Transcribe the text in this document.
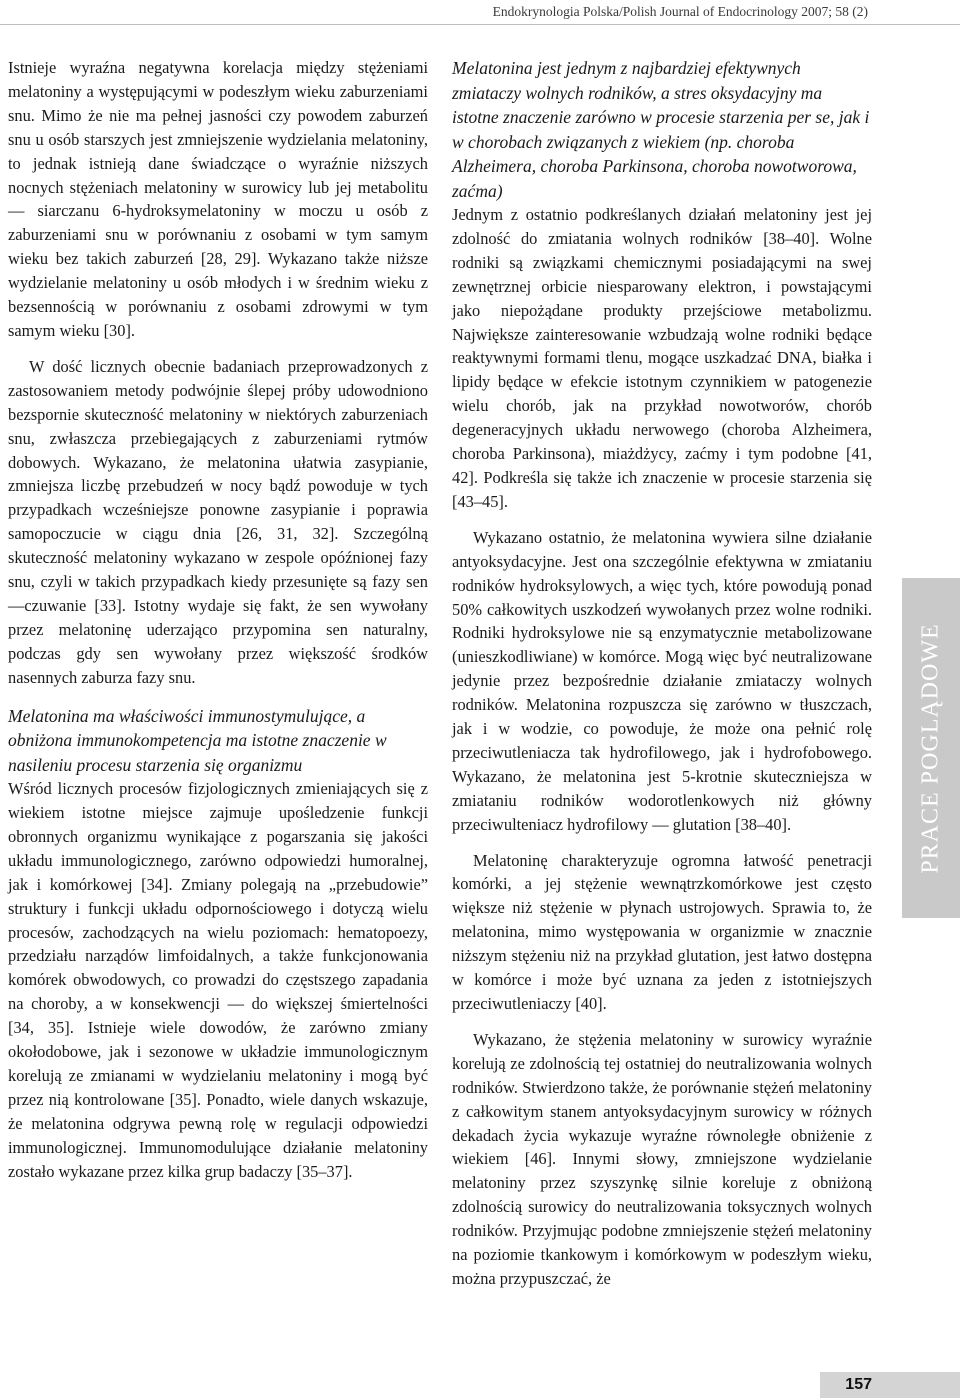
Endokrynologia Polska/Polish Journal of Endocrinology 2007; 58 (2)

Istnieje wyraźna negatywna korelacja między stężeniami melatoniny a występującymi w podeszłym wieku zaburzeniami snu. Mimo że nie ma pełnej jasności czy powodem zaburzeń snu u osób starszych jest zmniejszenie wydzielania melatoniny, to jednak istnieją dane świadczące o wyraźnie niższych nocnych stężeniach melatoniny w surowicy lub jej metabolitu — siarczanu 6-hydroksymelatoniny w moczu u osób z zaburzeniami snu w porównaniu z osobami w tym samym wieku bez takich zaburzeń [28, 29]. Wykazano także niższe wydzielanie melatoniny u osób młodych i w średnim wieku z bezsennością w porównaniu z osobami zdrowymi w tym samym wieku [30].

W dość licznych obecnie badaniach przeprowadzonych z zastosowaniem metody podwójnie ślepej próby udowodniono bezspornie skuteczność melatoniny w niektórych zaburzeniach snu, zwłaszcza przebiegających z zaburzeniami rytmów dobowych. Wykazano, że melatonina ułatwia zasypianie, zmniejsza liczbę przebudzeń w nocy bądź powoduje w tych przypadkach wcześniejsze ponowne zasypianie i poprawia samopoczucie w ciągu dnia [26, 31, 32]. Szczególną skuteczność melatoniny wykazano w zespole opóźnionej fazy snu, czyli w takich przypadkach kiedy przesunięte są fazy sen—czuwanie [33]. Istotny wydaje się fakt, że sen wywołany przez melatoninę uderzająco przypomina sen naturalny, podczas gdy sen wywołany przez większość środków nasennych zaburza fazy snu.

Melatonina ma właściwości immunostymulujące, a obniżona immunokompetencja ma istotne znaczenie w nasileniu procesu starzenia się organizmu

Wśród licznych procesów fizjologicznych zmieniających się z wiekiem istotne miejsce zajmuje upośledzenie funkcji obronnych organizmu wynikające z pogarszania się jakości układu immunologicznego, zarówno odpowiedzi humoralnej, jak i komórkowej [34]. Zmiany polegają na „przebudowie” struktury i funkcji układu odpornościowego i dotyczą wielu procesów, zachodzących na wielu poziomach: hematopoezy, przedziału narządów limfoidalnych, a także funkcjonowania komórek obwodowych, co prowadzi do częstszego zapadania na choroby, a w konsekwencji — do większej śmiertelności [34, 35]. Istnieje wiele dowodów, że zarówno zmiany okołodobowe, jak i sezonowe w układzie immunologicznym korelują ze zmianami w wydzielaniu melatoniny i mogą być przez nią kontrolowane [35]. Ponadto, wiele danych wskazuje, że melatonina odgrywa pewną rolę w regulacji odpowiedzi immunologicznej. Immunomodulujące działanie melatoniny zostało wykazane przez kilka grup badaczy [35–37].

Melatonina jest jednym z najbardziej efektywnych zmiataczy wolnych rodników, a stres oksydacyjny ma istotne znaczenie zarówno w procesie starzenia per se, jak i w chorobach związanych z wiekiem (np. choroba Alzheimera, choroba Parkinsona, choroba nowotworowa, zaćma)

Jednym z ostatnio podkreślanych działań melatoniny jest jej zdolność do zmiatania wolnych rodników [38–40]. Wolne rodniki są związkami chemicznymi posiadającymi na swej zewnętrznej orbicie niesparowany elektron, i powstającymi jako niepożądane produkty przejściowe metabolizmu. Największe zainteresowanie wzbudzają wolne rodniki będące reaktywnymi formami tlenu, mogące uszkadzać DNA, białka i lipidy będące w efekcie istotnym czynnikiem w patogenezie wielu chorób, jak na przykład nowotworów, chorób degeneracyjnych układu nerwowego (choroba Alzheimera, choroba Parkinsona), miażdżycy, zaćmy i tym podobne [41, 42]. Podkreśla się także ich znaczenie w procesie starzenia się [43–45].

Wykazano ostatnio, że melatonina wywiera silne działanie antyoksydacyjne. Jest ona szczególnie efektywna w zmiataniu rodników hydroksylowych, a więc tych, które powodują ponad 50% całkowitych uszkodzeń wywołanych przez wolne rodniki. Rodniki hydroksylowe nie są enzymatycznie metabolizowane (unieszkodliwiane) w komórce. Mogą więc być neutralizowane jedynie przez bezpośrednie działanie zmiataczy wolnych rodników. Melatonina rozpuszcza się zarówno w tłuszczach, jak i w wodzie, co powoduje, że może ona pełnić rolę przeciwutleniacza tak hydrofilowego, jak i hydrofobowego. Wykazano, że melatonina jest 5-krotnie skuteczniejsza w zmiataniu rodników wodorotlenkowych niż główny przeciwulteniacz hydrofilowy — glutation [38–40].

Melatoninę charakteryzuje ogromna łatwość penetracji komórki, a jej stężenie wewnątrzkomórkowe jest często większe niż stężenie w płynach ustrojowych. Sprawia to, że melatonina, mimo występowania w organizmie w znacznie niższym stężeniu niż na przykład glutation, jest łatwo dostępna w komórce i może być uznana za jeden z istotniejszych przeciwutleniaczy [40].

Wykazano, że stężenia melatoniny w surowicy wyraźnie korelują ze zdolnością tej ostatniej do neutralizowania wolnych rodników. Stwierdzono także, że porównanie stężeń melatoniny z całkowitym stanem antyoksydacyjnym surowicy w różnych dekadach życia wykazuje wyraźne równoległe obniżenie z wiekiem [46]. Innymi słowy, zmniejszone wydzielanie melatoniny przez szyszynkę silnie koreluje z obniżoną zdolnością surowicy do neutralizowania toksycznych wolnych rodników. Przyjmując podobne zmniejszenie stężeń melatoniny na poziomie tkankowym i komórkowym w podeszłym wieku, można przypuszczać, że

PRACE POGLĄDOWE
157
